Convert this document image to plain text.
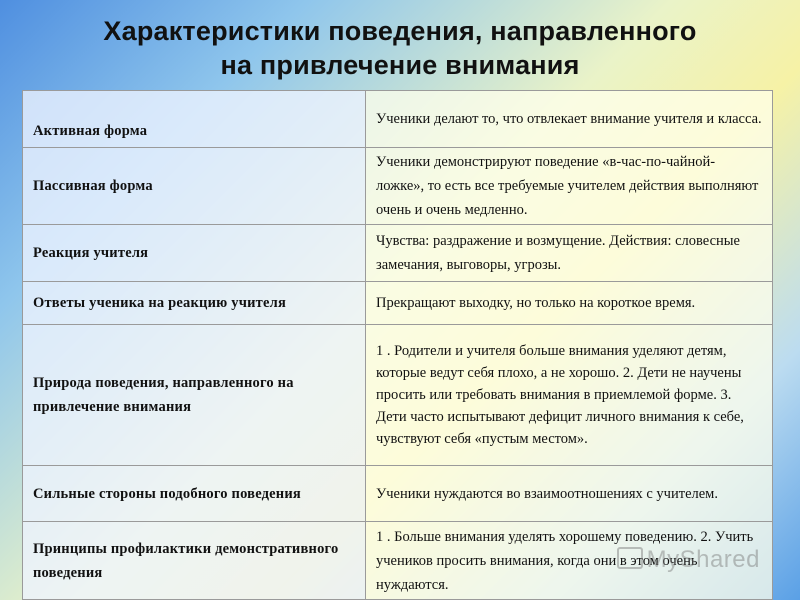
Характеристики поведения, направленного
на привлечение внимания
Активная форма	Ученики делают то, что отвлекает внимание учителя и класса.
Пассивная форма	Ученики демонстрируют поведение «в-час-по-чайной- ложке», то есть все требуемые учителем действия выполняют очень и очень медленно.
Реакция учителя	Чувства: раздражение и возмущение. Действия: словесные замечания, выговоры, угрозы.
Ответы ученика на реакцию учителя	Прекращают выходку, но только на короткое время.
Природа поведения, направленного на привлечение внимания	1 . Родители и учителя больше внимания уделяют детям, которые ведут себя плохо, а не хорошо. 2. Дети не научены просить или требовать внимания в приемлемой форме. 3. Дети часто испытывают дефицит личного внимания к себе, чувствуют себя «пустым местом».
Сильные стороны подобного поведения	Ученики нуждаются во взаимоотношениях с учителем.
Принципы профилактики демонстративного поведения	1 . Больше внимания уделять хорошему поведению. 2. Учить учеников просить внимания, когда они в этом очень нуждаются.
MyShared
